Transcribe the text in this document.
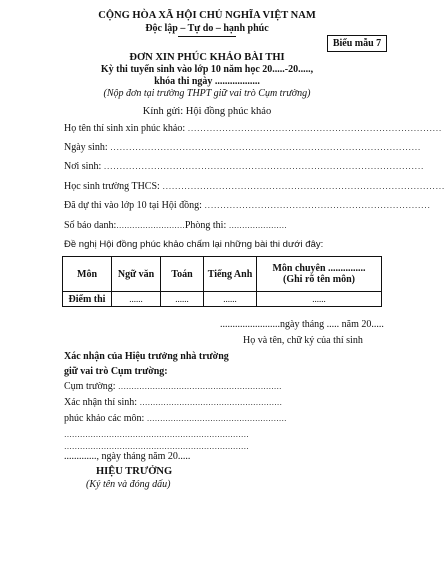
CỘNG HÒA XÃ HỘI CHỦ NGHĨA VIỆT NAM
Độc lập – Tự do – hạnh phúc
Biểu mẫu 7
ĐƠN XIN PHÚC KHẢO BÀI THI
Kỳ thi tuyển sinh vào lớp 10 năm học 20.....-20.....,
khóa thi ngày ..................
(Nộp đơn tại trường THPT giữ vai trò Cụm trường)
Kính gửi: Hội đồng phúc khảo
Họ tên thí sinh xin phúc khảo: .................................................................................
Ngày sinh: ...................................................................................................
Nơi sinh: ......................................................................................................
Học sinh trường THCS: ..........................................................................................
Đã dự thi vào lớp 10 tại Hội đồng: ........................................................................
Số báo danh:..........................Phòng thi: ......................
Đề nghị Hội đồng phúc khảo chấm lại những bài thi dưới đây:
Môn	Ngữ văn	Toán	Tiếng Anh	Môn chuyên ...............
(Ghi rõ tên môn)

Điểm thi	......	......	......	......
........................ngày tháng ..... năm 20.....
Họ và tên, chữ ký của thí sinh
Xác nhận của Hiệu trưởng nhà trường
giữ vai trò Cụm trường:
Cụm trường: ..............................................................
Xác nhận thí sinh: ......................................................
phúc khảo các môn: .....................................................
......................................................................
......................................................................
............., ngày tháng năm 20.....
HIỆU TRƯỞNG
(Ký tên và đóng dấu)
